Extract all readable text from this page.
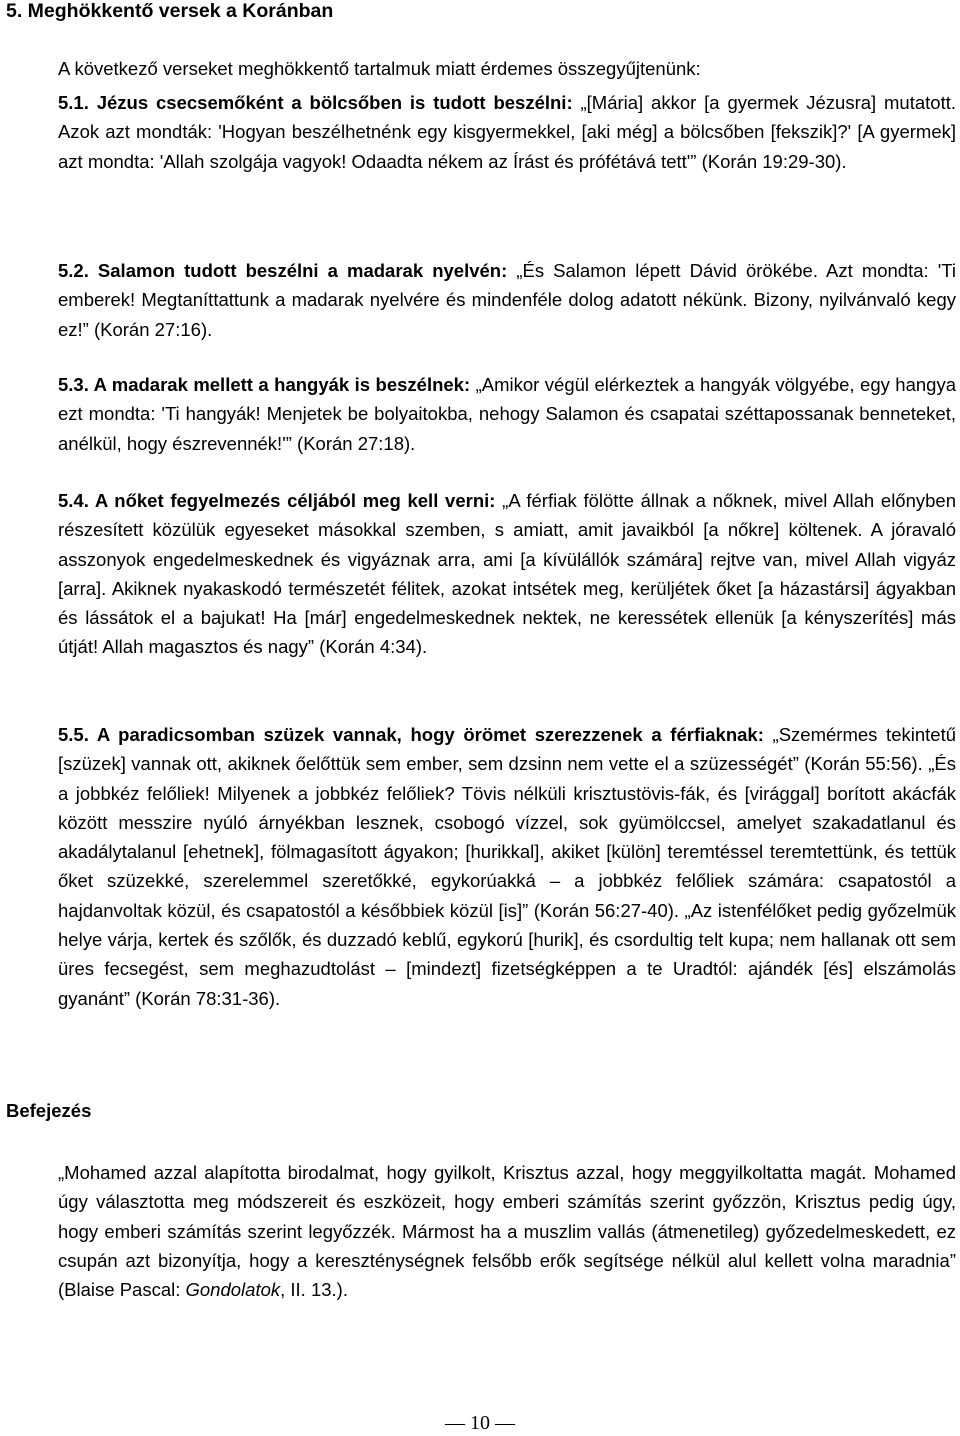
5. Meghökkentő versek a Koránban

A következő verseket meghökkentő tartalmuk miatt érdemes összegyűjtenünk:

5.1. Jézus csecsemőként a bölcsőben is tudott beszélni: „[Mária] akkor [a gyermek Jézusra] mutatott. Azok azt mondták: 'Hogyan beszélhetnénk egy kisgyermekkel, [aki még] a bölcsőben [fekszik]?' [A gyermek] azt mondta: 'Allah szolgája vagyok! Odaadta nékem az Írást és prófétává tett'” (Korán 19:29-30).

5.2. Salamon tudott beszélni a madarak nyelvén: „És Salamon lépett Dávid örökébe. Azt mondta: 'Ti emberek! Megtaníttattunk a madarak nyelvére és mindenféle dolog adatott nékünk. Bizony, nyilvánvaló kegy ez!” (Korán 27:16).

5.3. A madarak mellett a hangyák is beszélnek: „Amikor végül elérkeztek a hangyák völgyébe, egy hangya ezt mondta: 'Ti hangyák! Menjetek be bolyaitokba, nehogy Salamon és csapatai széttapossanak benneteket, anélkül, hogy észrevennék!'” (Korán 27:18).

5.4. A nőket fegyelmezés céljából meg kell verni: „A férfiak fölötte állnak a nőknek, mivel Allah előnyben részesített közülük egyeseket másokkal szemben, s amiatt, amit javaikból [a nőkre] költenek. A jóravaló asszonyok engedelmeskednek és vigyáznak arra, ami [a kívülállók számára] rejtve van, mivel Allah vigyáz [arra]. Akiknek nyakaskodó természetét félitek, azokat intsétek meg, kerüljétek őket [a házastársi] ágyakban és lássátok el a bajukat! Ha [már] engedelmeskednek nektek, ne keressétek ellenük [a kényszerítés] más útját! Allah magasztos és nagy” (Korán 4:34).

5.5. A paradicsomban szüzek vannak, hogy örömet szerezzenek a férfiaknak: „Szemérmes tekintetű [szüzek] vannak ott, akiknek őelőttük sem ember, sem dzsinn nem vette el a szüzességét” (Korán 55:56). „És a jobbkéz felőliek! Milyenek a jobbkéz felőliek? Tövis nélküli krisztustövis-fák, és [virággal] borított akácfák között messzire nyúló árnyékban lesznek, csobogó vízzel, sok gyümölccsel, amelyet szakadatlanul és akadálytalanul [ehetnek], fölmagasított ágyakon; [hurikkal], akiket [külön] teremtéssel teremtettünk, és tettük őket szüzekké, szerelemmel szeretőkké, egykorúakká – a jobbkéz felőliek számára: csapatostól a hajdanvoltak közül, és csapatostól a későbbiek közül [is]” (Korán 56:27-40). „Az istenfélőket pedig győzelmük helye várja, kertek és szőlők, és duzzadó keblű, egykorú [hurik], és csordultig telt kupa; nem hallanak ott sem üres fecsegést, sem meghazudtolást – [mindezt] fizetségképpen a te Uradtól: ajándék [és] elszámolás gyanánt” (Korán 78:31-36).

Befejezés

„Mohamed azzal alapította birodalmat, hogy gyilkolt, Krisztus azzal, hogy meggyilkoltatta magát. Mohamed úgy választotta meg módszereit és eszközeit, hogy emberi számítás szerint győzzön, Krisztus pedig úgy, hogy emberi számítás szerint legyőzzék. Mármost ha a muszlim vallás (átmenetileg) győzedelmeskedett, ez csupán azt bizonyítja, hogy a kereszténységnek felsőbb erők segítsége nélkül alul kellett volna maradnia” (Blaise Pascal: Gondolatok, II. 13.).

— 10 —
